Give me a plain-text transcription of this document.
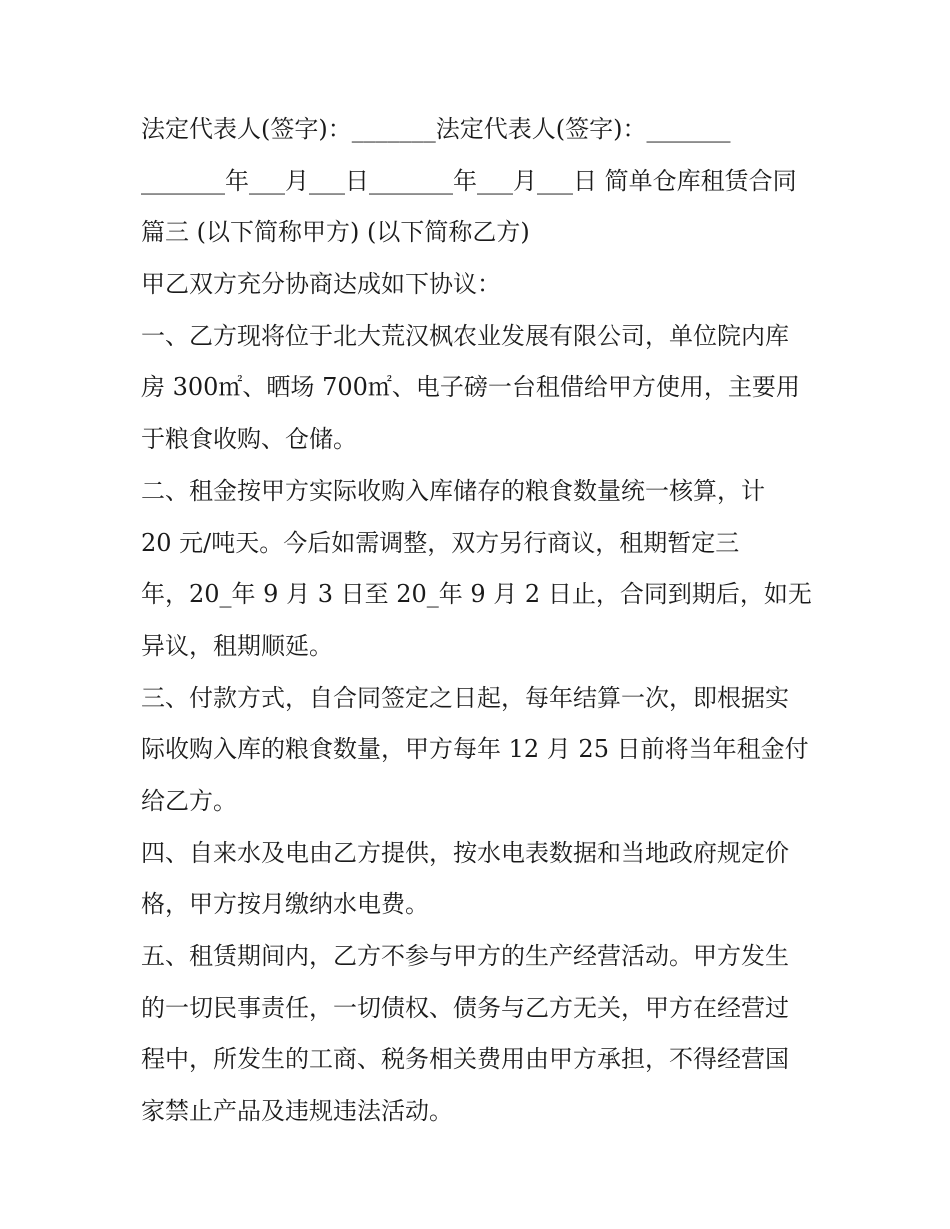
法定代表人(签字)：_______法定代表人(签字)：_______
_______年___月___日_______年___月___日 简单仓库租赁合同
篇三 (以下简称甲方) (以下简称乙方)
甲乙双方充分协商达成如下协议：
一、乙方现将位于北大荒汉枫农业发展有限公司，单位院内库
房 300㎡、晒场 700㎡、电子磅一台租借给甲方使用，主要用
于粮食收购、仓储。
二、租金按甲方实际收购入库储存的粮食数量统一核算，计
20 元/吨天。今后如需调整，双方另行商议，租期暂定三
年，20_年 9 月 3 日至 20_年 9 月 2 日止，合同到期后，如无
异议，租期顺延。
三、付款方式，自合同签定之日起，每年结算一次，即根据实
际收购入库的粮食数量，甲方每年 12 月 25 日前将当年租金付
给乙方。
四、自来水及电由乙方提供，按水电表数据和当地政府规定价
格，甲方按月缴纳水电费。
五、租赁期间内，乙方不参与甲方的生产经营活动。甲方发生
的一切民事责任，一切债权、债务与乙方无关，甲方在经营过
程中，所发生的工商、税务相关费用由甲方承担，不得经营国
家禁止产品及违规违法活动。
